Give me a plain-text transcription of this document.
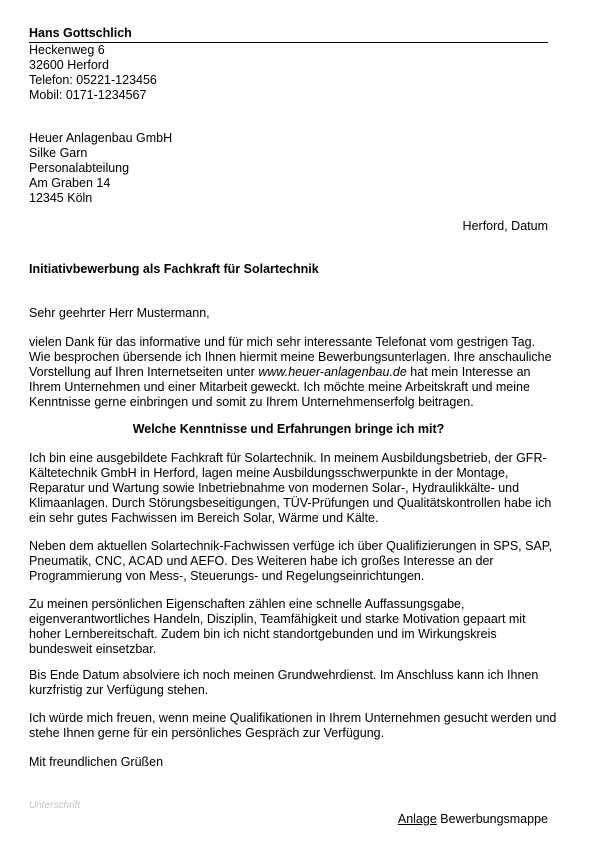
Hans Gottschlich
Heckenweg 6
32600 Herford
Telefon: 05221-123456
Mobil: 0171-1234567
Heuer Anlagenbau GmbH
Silke Garn
Personalabteilung
Am Graben 14
12345 Köln
Herford, Datum
Initiativbewerbung als Fachkraft für Solartechnik
Sehr geehrter Herr Mustermann,
vielen Dank für das informative und für mich sehr interessante Telefonat vom gestrigen Tag. Wie besprochen übersende ich Ihnen hiermit meine Bewerbungsunterlagen. Ihre anschauliche Vorstellung auf Ihren Internetseiten unter www.heuer-anlagenbau.de hat mein Interesse an Ihrem Unternehmen und einer Mitarbeit geweckt. Ich möchte meine Arbeitskraft und meine Kenntnisse gerne einbringen und somit zu Ihrem Unternehmenserfolg beitragen.
Welche Kenntnisse und Erfahrungen bringe ich mit?
Ich bin eine ausgebildete Fachkraft für Solartechnik. In meinem Ausbildungsbetrieb, der GFR-Kältetechnik GmbH in Herford, lagen meine Ausbildungsschwerpunkte in der Montage, Reparatur und Wartung sowie Inbetriebnahme von modernen Solar-, Hydraulikkälte- und Klimaanlagen. Durch Störungsbeseitigungen, TÜV-Prüfungen und Qualitätskontrollen habe ich ein sehr gutes Fachwissen im Bereich Solar, Wärme und Kälte.
Neben dem aktuellen Solartechnik-Fachwissen verfüge ich über Qualifizierungen in SPS, SAP, Pneumatik, CNC, ACAD und AEFO. Des Weiteren habe ich großes Interesse an der Programmierung von Mess-, Steuerungs- und Regelungseinrichtungen.
Zu meinen persönlichen Eigenschaften zählen eine schnelle Auffassungsgabe, eigenverantwortliches Handeln, Disziplin, Teamfähigkeit und starke Motivation gepaart mit hoher Lernbereitschaft. Zudem bin ich nicht standortgebunden und im Wirkungskreis bundesweit einsetzbar.
Bis Ende Datum absolviere ich noch meinen Grundwehrdienst. Im Anschluss kann ich Ihnen kurzfristig zur Verfügung stehen.
Ich würde mich freuen, wenn meine Qualifikationen in Ihrem Unternehmen gesucht werden und stehe Ihnen gerne für ein persönliches Gespräch zur Verfügung.
Mit freundlichen Grüßen
Unterschrift
Anlage Bewerbungsmappe
